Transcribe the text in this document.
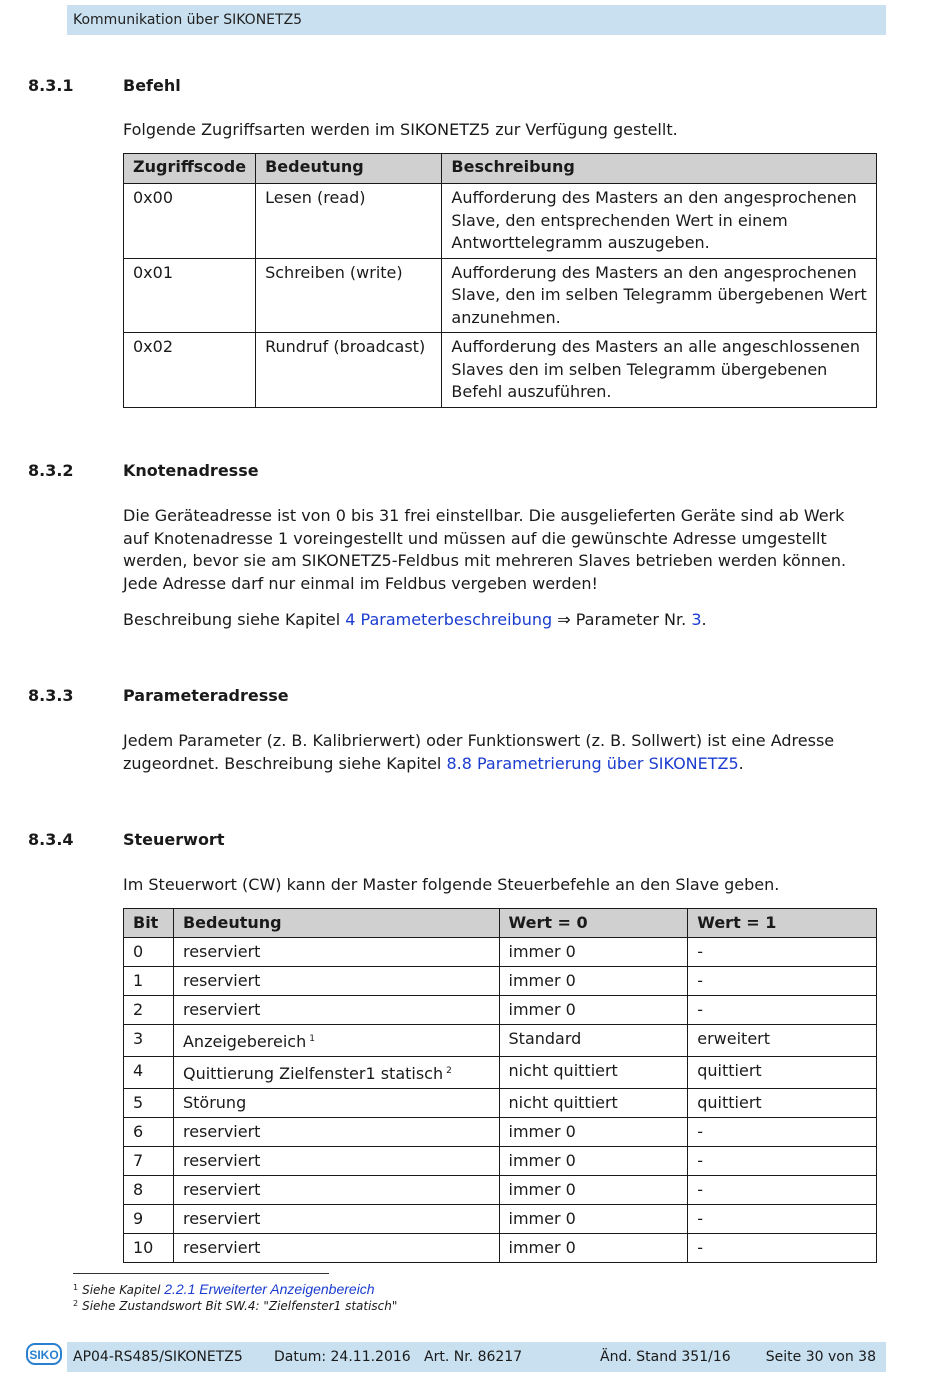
Kommunikation über SIKONETZ5
8.3.1	Befehl
Folgende Zugriffsarten werden im SIKONETZ5 zur Verfügung gestellt.
Zugriffscode	Bedeutung	Beschreibung
0x00	Lesen (read)	Aufforderung des Masters an den angesprochenen Slave, den entsprechenden Wert in einem Antworttelegramm auszugeben.
0x01	Schreiben (write)	Aufforderung des Masters an den angesprochenen Slave, den im selben Telegramm übergebenen Wert anzunehmen.
0x02	Rundruf (broadcast)	Aufforderung des Masters an alle angeschlossenen Slaves den im selben Telegramm übergebenen Befehl auszuführen.
8.3.2	Knotenadresse
Die Geräteadresse ist von 0 bis 31 frei einstellbar. Die ausgelieferten Geräte sind ab Werk auf Knotenadresse 1 voreingestellt und müssen auf die gewünschte Adresse umgestellt werden, bevor sie am SIKONETZ5-Feldbus mit mehreren Slaves betrieben werden können. Jede Adresse darf nur einmal im Feldbus vergeben werden!
Beschreibung siehe Kapitel 4 Parameterbeschreibung ⇒ Parameter Nr. 3.
8.3.3	Parameteradresse
Jedem Parameter (z. B. Kalibrierwert) oder Funktionswert (z. B. Sollwert) ist eine Adresse zugeordnet. Beschreibung siehe Kapitel 8.8 Parametrierung über SIKONETZ5.
8.3.4	Steuerwort
Im Steuerwort (CW) kann der Master folgende Steuerbefehle an den Slave geben.
Bit	Bedeutung	Wert = 0	Wert = 1
0	reserviert	immer 0	-
1	reserviert	immer 0	-
2	reserviert	immer 0	-
3	Anzeigebereich $^1$	Standard	erweitert
4	Quittierung Zielfenster1 statisch $^2$	nicht quittiert	quittiert
5	Störung	nicht quittiert	quittiert
6	reserviert	immer 0	-
7	reserviert	immer 0	-
8	reserviert	immer 0	-
9	reserviert	immer 0	-
10	reserviert	immer 0	-
$^1$ Siehe Kapitel 2.2.1 Erweiterter Anzeigenbereich
$^2$ Siehe Zustandswort Bit SW.4: "Zielfenster1 statisch"
SIKO AP04-RS485/SIKONETZ5 Datum: 24.11.2016 Art. Nr. 86217	Änd. Stand 351/16	Seite 30 von 38
